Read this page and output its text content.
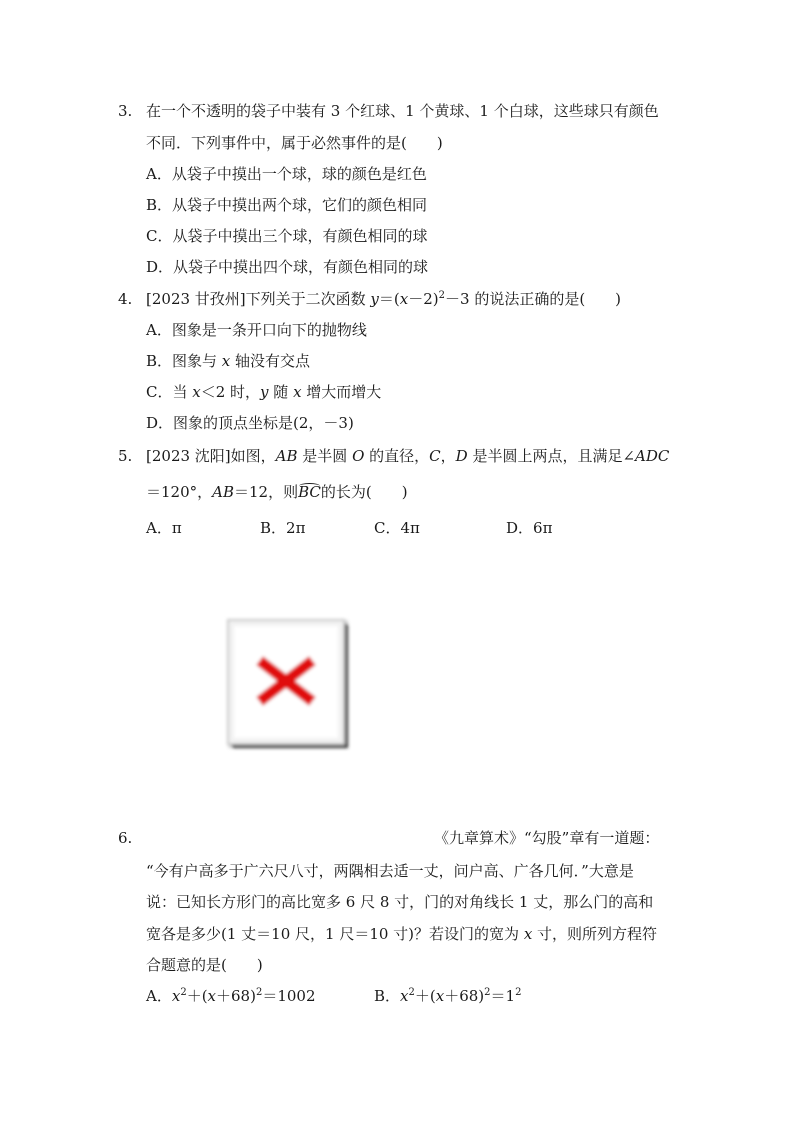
3. 在一个不透明的袋子中装有 3 个红球、1 个黄球、1 个白球，这些球只有颜色
不同．下列事件中，属于必然事件的是(　　)
A．从袋子中摸出一个球，球的颜色是红色
B．从袋子中摸出两个球，它们的颜色相同
C．从袋子中摸出三个球，有颜色相同的球
D．从袋子中摸出四个球，有颜色相同的球
4. [2023 甘孜州]下列关于二次函数 $y=(x-2)^2-3$ 的说法正确的是(　　)
A．图象是一条开口向下的抛物线
B．图象与 x 轴没有交点
C．当 x＜2 时，y 随 x 增大而增大
D．图象的顶点坐标是(2，－3)
5. [2023 沈阳]如图，AB 是半圆 O 的直径，C，D 是半圆上两点，且满足∠ADC
＝120°，AB＝12，则BC的长为(　　)
A．π	B．2π	C．4π	D．6π
6.	《九章算术》“勾股”章有一道题：
“今有户高多于广六尺八寸，两隅相去适一丈，问户高、广各几何．”大意是
说：已知长方形门的高比宽多 6 尺 8 寸，门的对角线长 1 丈，那么门的高和
宽各是多少(1 丈＝10 尺，1 尺＝10 寸)？若设门的宽为 x 寸，则所列方程符
合题意的是(　　)
A．$x^2+(x+68)^2=1002$	B．$x^2+(x+68)^2=1^2$
